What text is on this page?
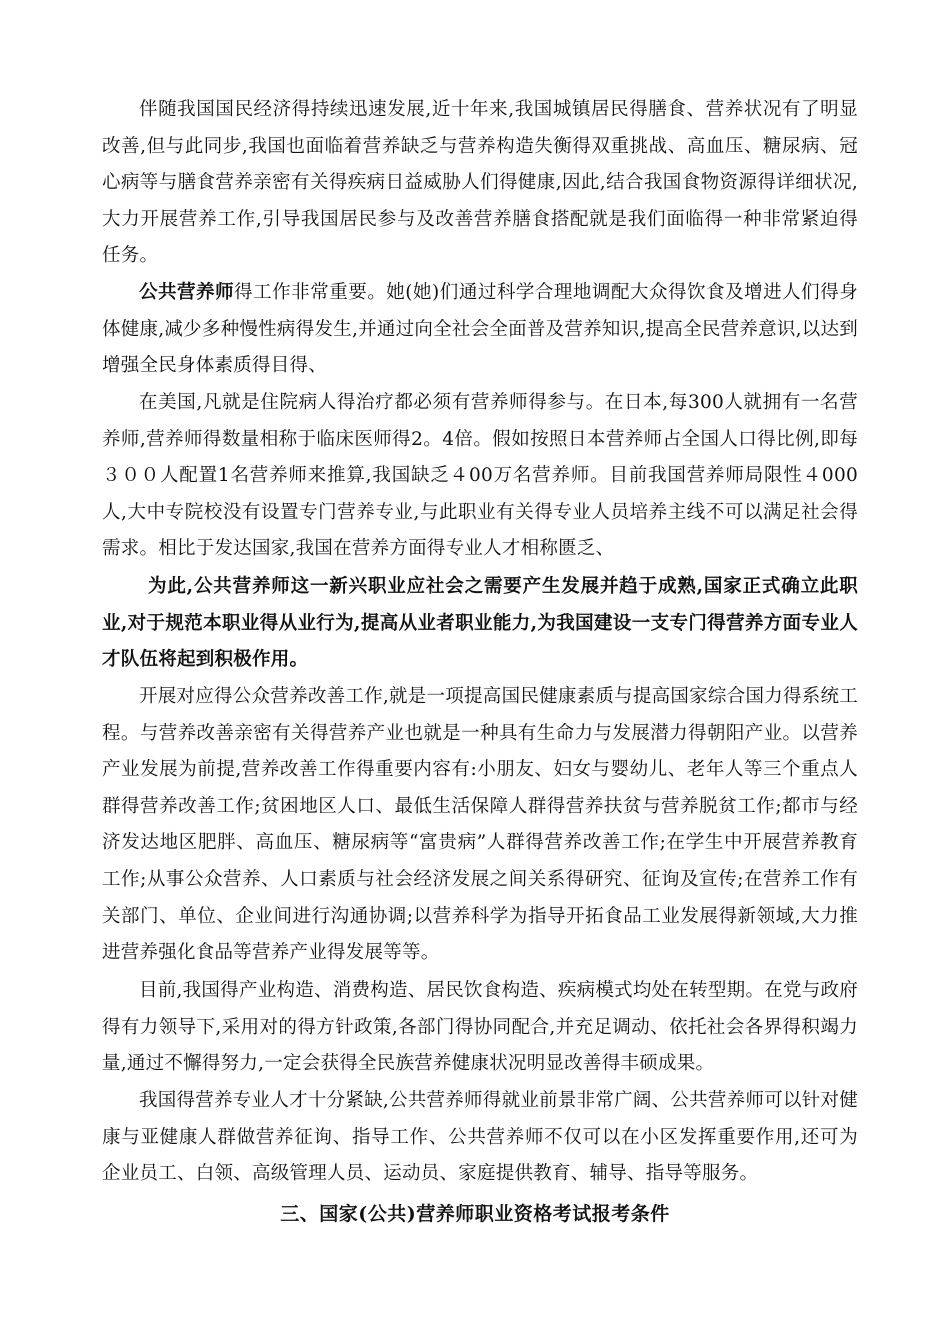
伴随我国国民经济得持续迅速发展,近十年来,我国城镇居民得膳食、营养状况有了明显改善,但与此同步,我国也面临着营养缺乏与营养构造失衡得双重挑战、高血压、糖尿病、冠心病等与膳食营养亲密有关得疾病日益威胁人们得健康,因此,结合我国食物资源得详细状况,大力开展营养工作,引导我国居民参与及改善营养膳食搭配就是我们面临得一种非常紧迫得任务。

公共营养师得工作非常重要。她(她)们通过科学合理地调配大众得饮食及增进人们得身体健康,减少多种慢性病得发生,并通过向全社会全面普及营养知识,提高全民营养意识,以达到增强全民身体素质得目得、

在美国,凡就是住院病人得治疗都必须有营养师得参与。在日本,每300人就拥有一名营养师,营养师得数量相称于临床医师得2。4倍。假如按照日本营养师占全国人口得比例,即每３００人配置1名营养师来推算,我国缺乏４00万名营养师。目前我国营养师局限性４000人,大中专院校没有设置专门营养专业,与此职业有关得专业人员培养主线不可以满足社会得需求。相比于发达国家,我国在营养方面得专业人才相称匮乏、

为此,公共营养师这一新兴职业应社会之需要产生发展并趋于成熟,国家正式确立此职业,对于规范本职业得从业行为,提高从业者职业能力,为我国建设一支专门得营养方面专业人才队伍将起到积极作用。

开展对应得公众营养改善工作,就是一项提高国民健康素质与提高国家综合国力得系统工程。与营养改善亲密有关得营养产业也就是一种具有生命力与发展潜力得朝阳产业。以营养产业发展为前提,营养改善工作得重要内容有:小朋友、妇女与婴幼儿、老年人等三个重点人群得营养改善工作;贫困地区人口、最低生活保障人群得营养扶贫与营养脱贫工作;都市与经济发达地区肥胖、高血压、糖尿病等“富贵病”人群得营养改善工作;在学生中开展营养教育工作;从事公众营养、人口素质与社会经济发展之间关系得研究、征询及宣传;在营养工作有关部门、单位、企业间进行沟通协调;以营养科学为指导开拓食品工业发展得新领域,大力推进营养强化食品等营养产业得发展等等。

目前,我国得产业构造、消费构造、居民饮食构造、疾病模式均处在转型期。在党与政府得有力领导下,采用对的得方针政策,各部门得协同配合,并充足调动、依托社会各界得积竭力量,通过不懈得努力,一定会获得全民族营养健康状况明显改善得丰硕成果。

我国得营养专业人才十分紧缺,公共营养师得就业前景非常广阔、公共营养师可以针对健康与亚健康人群做营养征询、指导工作、公共营养师不仅可以在小区发挥重要作用,还可为企业员工、白领、高级管理人员、运动员、家庭提供教育、辅导、指导等服务。

三、国家(公共)营养师职业资格考试报考条件
